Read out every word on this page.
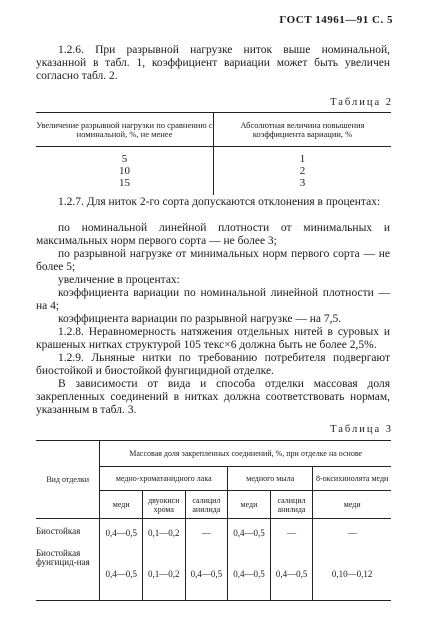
ГОСТ 14961—91 С. 5

1.2.6. При разрывной нагрузке ниток выше номинальной, указанной в табл. 1, коэффициент вариации может быть увеличен согласно табл. 2.

Таблица 2
Увеличение разрывной нагрузки по сравнению с номинальной, %, не менее	Абсолютная величина повышения коэффициента вариации, %
5	1
10	2
15	3

1.2.7. Для ниток 2-го сорта допускаются отклонения в процентах:

по номинальной линейной плотности от минимальных и максимальных норм первого сорта — не более 3;

по разрывной нагрузке от минимальных норм первого сорта — не более 5;

увеличение в процентах:

коэффициента вариации по номинальной линейной плотности — на 4;

коэффициента вариации по разрывной нагрузке — на 7,5.

1.2.8. Неравномерность натяжения отдельных нитей в суровых и крашеных нитках структурой 105 текс×6 должна быть не более 2,5%.

1.2.9. Льняные нитки по требованию потребителя подвергают биостойкой и биостойкой фунгицидной отделке.

В зависимости от вида и способа отделки массовая доля закрепленных соединений в нитках должна соответствовать нормам, указанным в табл. 3.

Таблица 3
Вид отделки	Массовая доля закрепленных соединений, %, при отделке на основе					
	медно-хроматанидного лака			медного мыла		8-оксихинолята меди
	меди	двуокиси хрома	салицил анилида	меди	салицил анилида	меди
Биостойкая	0,4—0,5	0,1—0,2	—	0,4—0,5	—	—
Биостойкая фунгицид-ная	0,4—0,5	0,1—0,2	0,4—0,5	0,4—0,5	0,4—0,5	0,10—0,12
